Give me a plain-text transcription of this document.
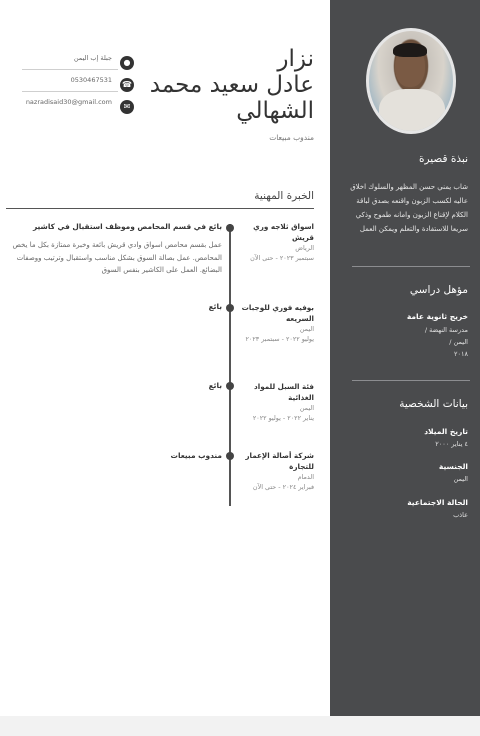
نزار
عادل سعيد محمد
الشهالي
مندوب مبيعات
جبلة إب اليمن	●
0530467531 ☎
nazradisaid30@gmail.com	✉
الخبرة المهنية
اسواق ثلاجه وري قريش
الرياض
سبتمبر ٢٠٢٣ - حتى الآن
بائع في قسم المحامص وموظف استقبال في كاشير
عمل بقسم محامص اسواق وادي قريش بائعة وخبرة ممتازة بكل ما يخص المحامص. عمل بصالة السوق بشكل مناسب واستقبال وترتيب ووصفات البضائع. العمل على الكاشير بنفس السوق
بوفيه فوري للوجبات السريعه
اليمن
يوليو ٢٠٢٢ - سبتمبر ٢٠٢٣
بائع
فئة السبل للمواد الغذائية
اليمن
يناير ٢٠٢٢ - يوليو ٢٠٢٢
بائع
شركة أصالة الإعمار للتجارة
الدمام
فبراير ٢٠٢٤ - حتى الآن
مندوب مبيعات
نبذة قصيرة
شاب يمني حسن المظهر والسلوك اخلاق عاليه لكسب الزبون واقنعه بصدق لباقة الكلام لإقناع الزبون وامانه طموح وذكي سريعا للاستفادة والتعلم ويمكن العمل
مؤهل دراسي
خريج ثانوية عامة
مدرسة النهضة /
اليمن /
٢٠١٨
بيانات الشخصية
تاريخ الميلاد
٤ يناير ٢٠٠٠
الجنسية
اليمن
الحالة الاجتماعية
عاذب
